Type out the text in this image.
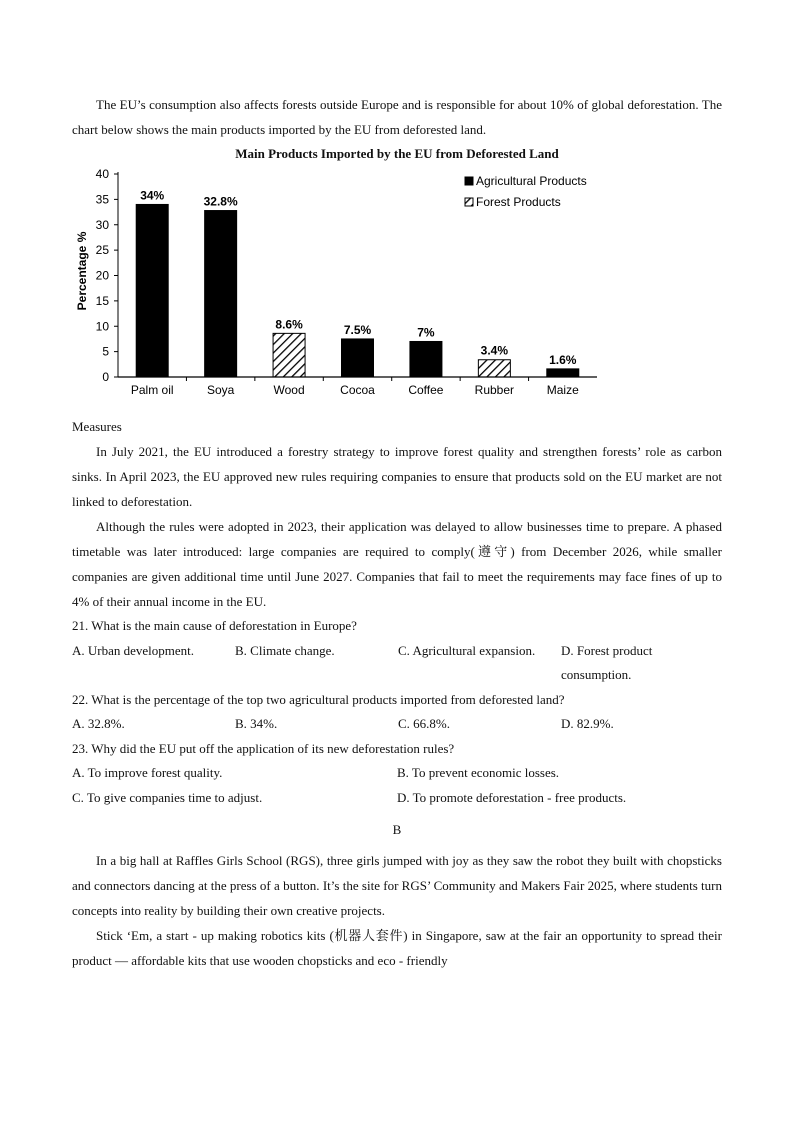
The EU’s consumption also affects forests outside Europe and is responsible for about 10% of global deforestation. The chart below shows the main products imported by the EU from deforested land.

Main Products Imported by the EU from Deforested Land

Percentage %
0
5
10
15
20
25
30
35
40
34%	32.8%
8.6%	7.5%	7%
3.4%
1.6%
Palm oil	Soya	Wood	Cocoa	Coffee	Rubber	Maize
Agricultural Products
Forest Products

Measures

In July 2021, the EU introduced a forestry strategy to improve forest quality and strengthen forests’ role as carbon sinks. In April 2023, the EU approved new rules requiring companies to ensure that products sold on the EU market are not linked to deforestation.

Although the rules were adopted in 2023, their application was delayed to allow businesses time to prepare. A phased timetable was later introduced: large companies are required to comply(遵守) from December 2026, while smaller companies are given additional time until June 2027. Companies that fail to meet the requirements may face fines of up to 4% of their annual income in the EU.

21. What is the main cause of deforestation in Europe?

A. Urban development.	B. Climate change.	C. Agricultural expansion.	D. Forest product consumption.

22. What is the percentage of the top two agricultural products imported from deforested land?

A. 32.8%.	B. 34%.	C. 66.8%.	D. 82.9%.

23. Why did the EU put off the application of its new deforestation rules?

A. To improve forest quality.	B. To prevent economic losses.
C. To give companies time to adjust.	D. To promote deforestation - free products.

B

In a big hall at Raffles Girls School (RGS), three girls jumped with joy as they saw the robot they built with chopsticks and connectors dancing at the press of a button. It’s the site for RGS’ Community and Makers Fair 2025, where students turn concepts into reality by building their own creative projects.

Stick ‘Em, a start - up making robotics kits (机器人套件) in Singapore, saw at the fair an opportunity to spread their product — affordable kits that use wooden chopsticks and eco - friendly
